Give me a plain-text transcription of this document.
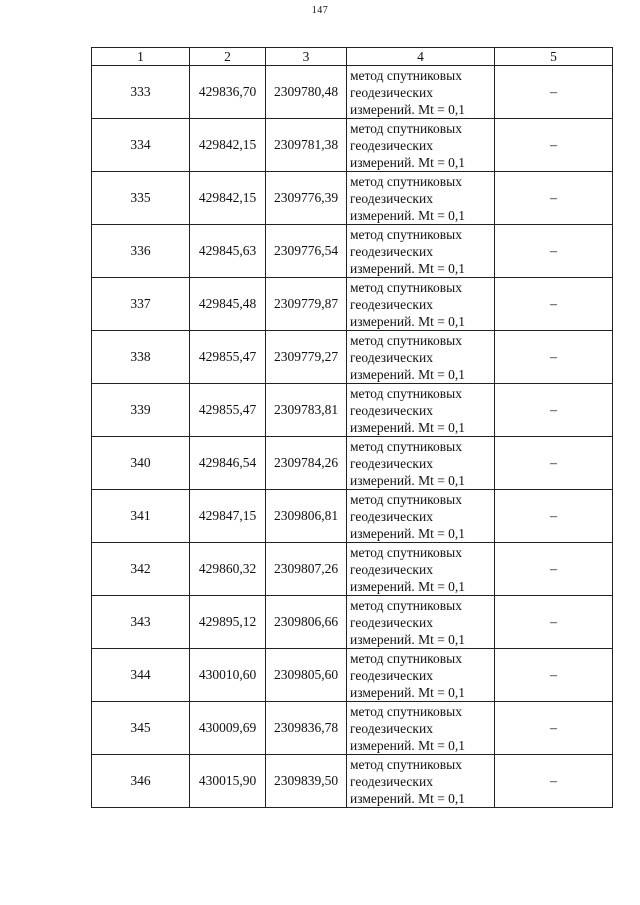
147
1	2	3	4	5
333	429836,70	2309780,48	метод спутниковых
геодезических
измерений. Mt = 0,1	–
334	429842,15	2309781,38	метод спутниковых
геодезических
измерений. Mt = 0,1	–
335	429842,15	2309776,39	метод спутниковых
геодезических
измерений. Mt = 0,1	–
336	429845,63	2309776,54	метод спутниковых
геодезических
измерений. Mt = 0,1	–
337	429845,48	2309779,87	метод спутниковых
геодезических
измерений. Mt = 0,1	–
338	429855,47	2309779,27	метод спутниковых
геодезических
измерений. Mt = 0,1	–
339	429855,47	2309783,81	метод спутниковых
геодезических
измерений. Mt = 0,1	–
340	429846,54	2309784,26	метод спутниковых
геодезических
измерений. Mt = 0,1	–
341	429847,15	2309806,81	метод спутниковых
геодезических
измерений. Mt = 0,1	–
342	429860,32	2309807,26	метод спутниковых
геодезических
измерений. Mt = 0,1	–
343	429895,12	2309806,66	метод спутниковых
геодезических
измерений. Mt = 0,1	–
344	430010,60	2309805,60	метод спутниковых
геодезических
измерений. Mt = 0,1	–
345	430009,69	2309836,78	метод спутниковых
геодезических
измерений. Mt = 0,1	–
346	430015,90	2309839,50	метод спутниковых
геодезических
измерений. Mt = 0,1	–
